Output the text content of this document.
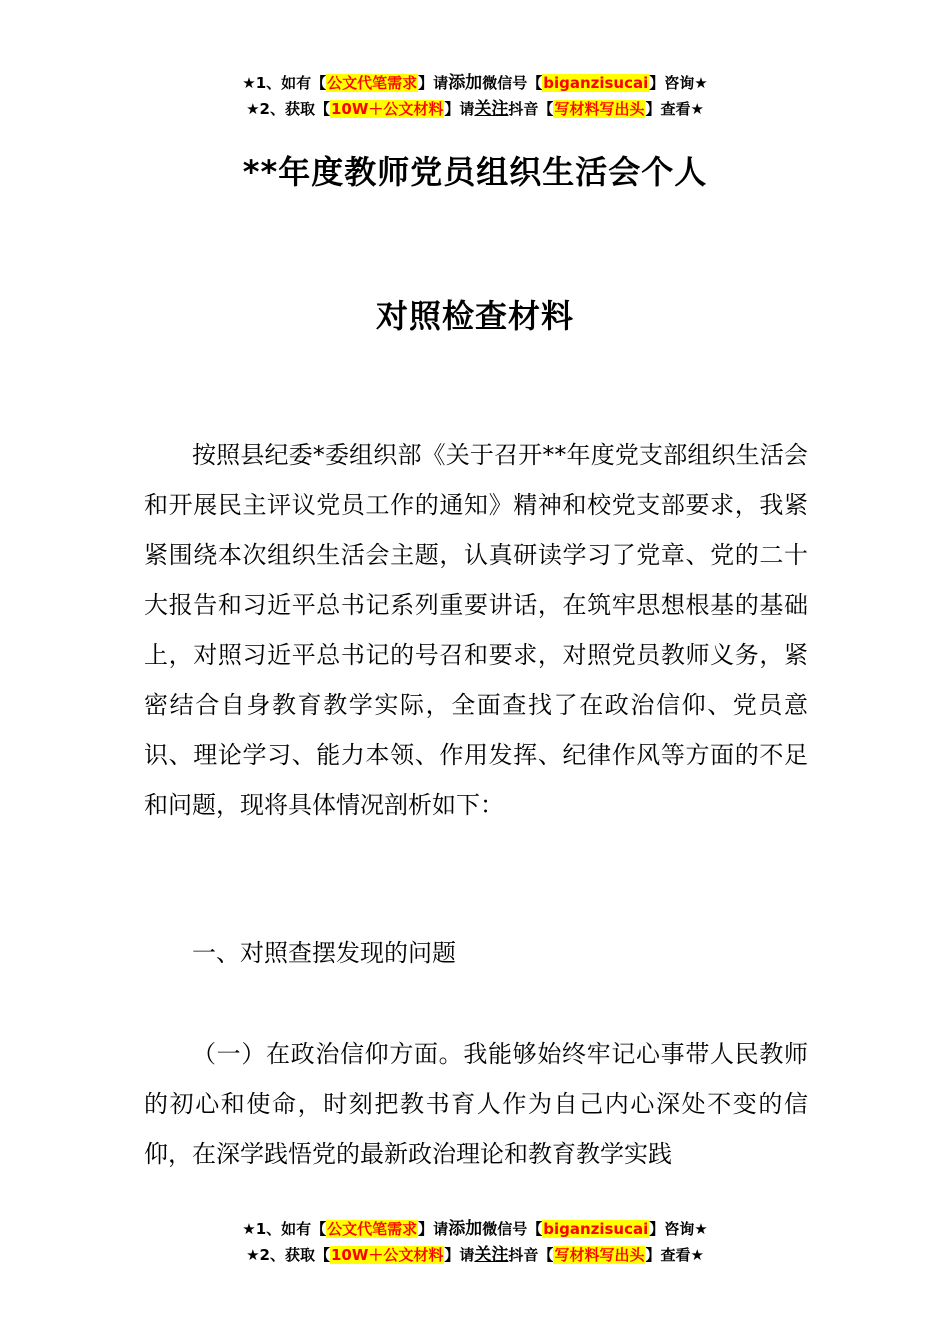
★1、如有【公文代笔需求】请添加微信号【biganzisucai】咨询★
★2、获取【10W＋公文材料】请关注抖音【写材料写出头】查看★
**年度教师党员组织生活会个人
对照检查材料

按照县纪委*委组织部《关于召开**年度党支部组织生活会和开展民主评议党员工作的通知》精神和校党支部要求，我紧紧围绕本次组织生活会主题，认真研读学习了党章、党的二十大报告和习近平总书记系列重要讲话，在筑牢思想根基的基础上，对照习近平总书记的号召和要求，对照党员教师义务，紧密结合自身教育教学实际，全面查找了在政治信仰、党员意识、理论学习、能力本领、作用发挥、纪律作风等方面的不足和问题，现将具体情况剖析如下：

一、对照查摆发现的问题

（一）在政治信仰方面。我能够始终牢记心事带人民教师的初心和使命，时刻把教书育人作为自己内心深处不变的信仰，在深学践悟党的最新政治理论和教育教学实践

★1、如有【公文代笔需求】请添加微信号【biganzisucai】咨询★
★2、获取【10W＋公文材料】请关注抖音【写材料写出头】查看★
